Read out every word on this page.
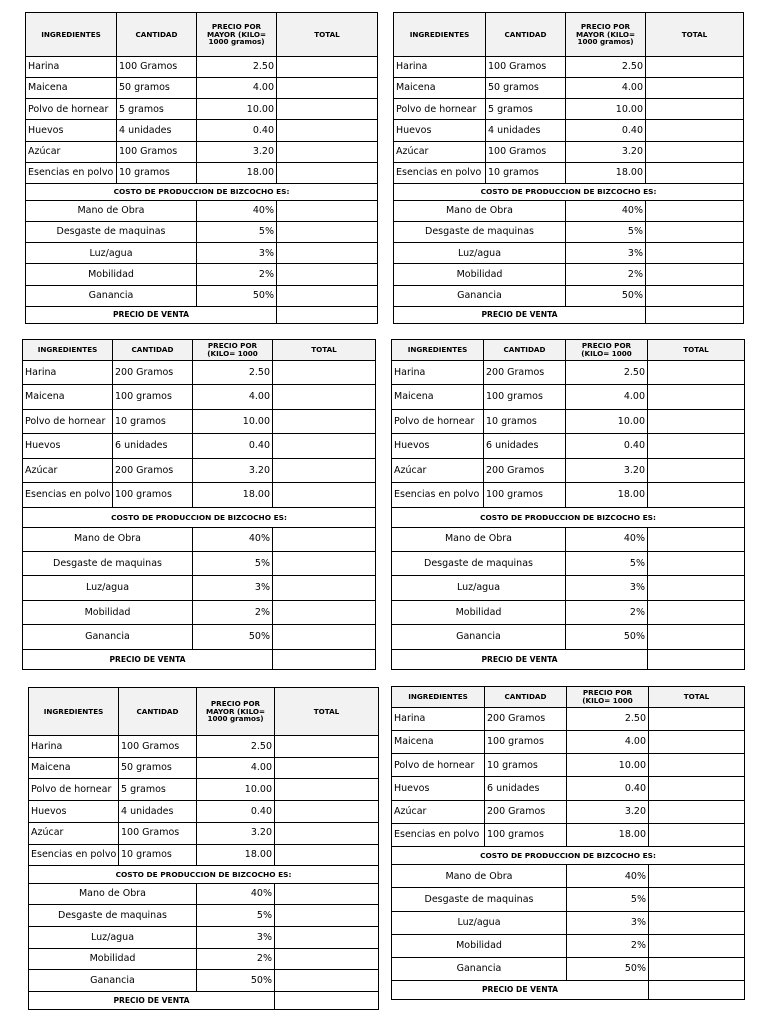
INGREDIENTES	CANTIDAD	PRECIO POR MAYOR (KILO= 1000 gramos)	TOTAL
Harina	100 Gramos	2.50	
Maicena	50 gramos	4.00	
Polvo de hornear	5 gramos	10.00	
Huevos	4 unidades	0.40	
Azúcar	100 Gramos	3.20	
Esencias en polvo	10 gramos	18.00	
COSTO DE PRODUCCION DE BIZCOCHO ES:			
Mano de Obra		40%	
Desgaste de maquinas		5%	
Luz/agua		3%	
Mobilidad		2%	
Ganancia		50%	
PRECIO DE VENTA			
INGREDIENTES	CANTIDAD	PRECIO POR MAYOR (KILO= 1000 gramos)	TOTAL
Harina	100 Gramos	2.50	
Maicena	50 gramos	4.00	
Polvo de hornear	5 gramos	10.00	
Huevos	4 unidades	0.40	
Azúcar	100 Gramos	3.20	
Esencias en polvo	10 gramos	18.00	
COSTO DE PRODUCCION DE BIZCOCHO ES:			
Mano de Obra		40%	
Desgaste de maquinas		5%	
Luz/agua		3%	
Mobilidad		2%	
Ganancia		50%	
PRECIO DE VENTA			
INGREDIENTES	CANTIDAD	PRECIO POR (KILO= 1000	TOTAL
Harina	200 Gramos	2.50	
Maicena	100 gramos	4.00	
Polvo de hornear	10 gramos	10.00	
Huevos	6 unidades	0.40	
Azúcar	200 Gramos	3.20	
Esencias en polvo	100 gramos	18.00	
COSTO DE PRODUCCION DE BIZCOCHO ES:			
Mano de Obra		40%	
Desgaste de maquinas		5%	
Luz/agua		3%	
Mobilidad		2%	
Ganancia		50%	
PRECIO DE VENTA			
INGREDIENTES	CANTIDAD	PRECIO POR (KILO= 1000	TOTAL
Harina	200 Gramos	2.50	
Maicena	100 gramos	4.00	
Polvo de hornear	10 gramos	10.00	
Huevos	6 unidades	0.40	
Azúcar	200 Gramos	3.20	
Esencias en polvo	100 gramos	18.00	
COSTO DE PRODUCCION DE BIZCOCHO ES:			
Mano de Obra		40%	
Desgaste de maquinas		5%	
Luz/agua		3%	
Mobilidad		2%	
Ganancia		50%	
PRECIO DE VENTA			
INGREDIENTES	CANTIDAD	PRECIO POR MAYOR (KILO= 1000 gramos)	TOTAL
Harina	100 Gramos	2.50	
Maicena	50 gramos	4.00	
Polvo de hornear	5 gramos	10.00	
Huevos	4 unidades	0.40	
Azúcar	100 Gramos	3.20	
Esencias en polvo	10 gramos	18.00	
COSTO DE PRODUCCION DE BIZCOCHO ES:			
Mano de Obra		40%	
Desgaste de maquinas		5%	
Luz/agua		3%	
Mobilidad		2%	
Ganancia		50%	
PRECIO DE VENTA			
INGREDIENTES	CANTIDAD	PRECIO POR (KILO= 1000	TOTAL
Harina	200 Gramos	2.50	
Maicena	100 gramos	4.00	
Polvo de hornear	10 gramos	10.00	
Huevos	6 unidades	0.40	
Azúcar	200 Gramos	3.20	
Esencias en polvo	100 gramos	18.00	
COSTO DE PRODUCCION DE BIZCOCHO ES:			
Mano de Obra		40%	
Desgaste de maquinas		5%	
Luz/agua		3%	
Mobilidad		2%	
Ganancia		50%	
PRECIO DE VENTA			
